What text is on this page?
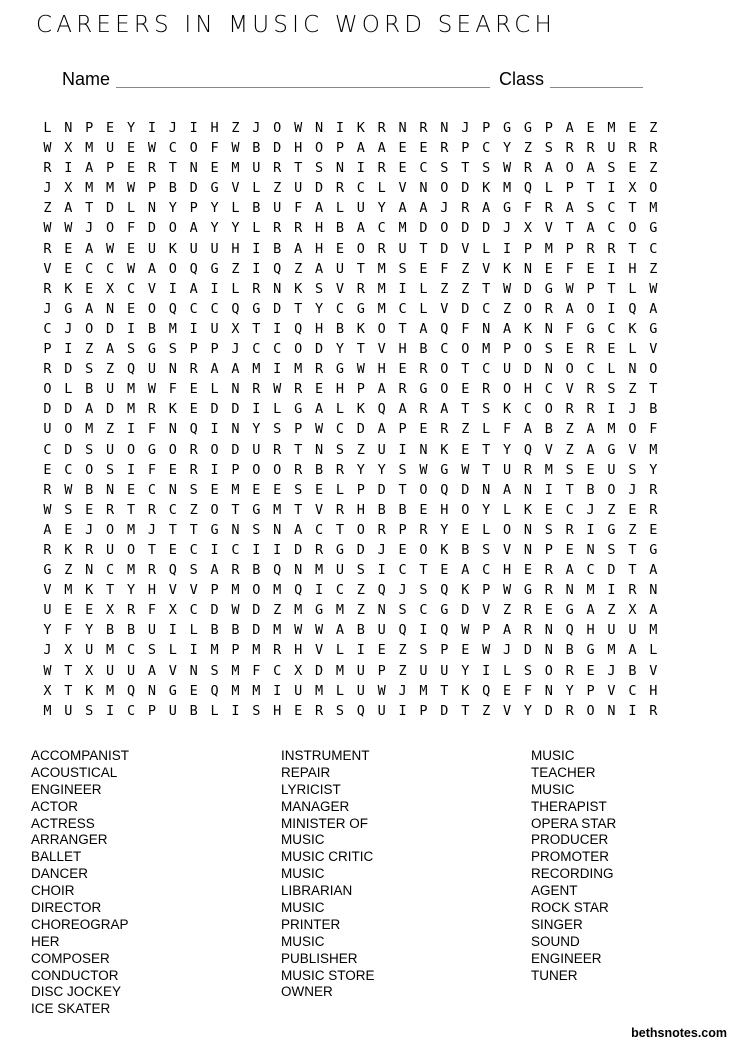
CAREERS IN MUSIC WORD SEARCH
Name	Class
L N P E Y I J I H Z J O W N I K R N R N J P G G P A E M E Z
W X M U E W C O F W B D H O P A A E E R P C Y Z S R R U R R
R I A P E R T N E M U R T S N I R E C S T S W R A O A S E Z
J X M M W P B D G V L Z U D R C L V N O D K M Q L P T I X O
Z A T D L N Y P Y L B U F A L U Y A A J R A G F R A S C T M
W W J O F D O A Y Y L R R H B A C M D O D D J X V T A C O G
R E A W E U K U U H I B A H E O R U T D V L I P M P R R T C
V E C C W A O Q G Z I Q Z A U T M S E F Z V K N E F E I H Z
R K E X C V I A I L R N K S V R M I L Z Z T W D G W P T L W
J G A N E O Q C C Q G D T Y C G M C L V D C Z O R A O I Q A
C J O D I B M I U X T I Q H B K O T A Q F N A K N F G C K G
P I Z A S G S P P J C C O D Y T V H B C O M P O S E R E L V
R D S Z Q U N R A A M I M R G W H E R O T C U D N O C L N O
O L B U M W F E L N R W R E H P A R G O E R O H C V R S Z T
D D A D M R K E D D I L G A L K Q A R A T S K C O R R I J B
U O M Z I F N Q I N Y S P W C D A P E R Z L F A B Z A M O F
C D S U O G O R O D U R T N S Z U I N K E T Y Q V Z A G V M
E C O S I F E R I P O O R B R Y Y S W G W T U R M S E U S Y
R W B N E C N S E M E E S E L P D T O Q D N A N I T B O J R
W S E R T R C Z O T G M T V R H B B E H O Y L K E C J Z E R
A E J O M J T T G N S N A C T O R P R Y E L O N S R I G Z E
R K R U O T E C I C I I D R G D J E O K B S V N P E N S T G
G Z N C M R Q S A R B Q N M U S I C T E A C H E R A C D T A
V M K T Y H V V P M O M Q I C Z Q J S Q K P W G R N M I R N
U E E X R F X C D W D Z M G M Z N S C G D V Z R E G A Z X A
Y F Y B B U I L B B D M W W A B U Q I Q W P A R N Q H U U M
J X U M C S L I M P M R H V L I E Z S P E W J D N B G M A L
W T X U U A V N S M F C X D M U P Z U U Y I L S O R E J B V
X T K M Q N G E Q M M I U M L U W J M T K Q E F N Y P V C H
M U S I C P U B L I S H E R S Q U I P D T Z V Y D R O N I R
ACCOMPANIST
ACOUSTICAL
ENGINEER
ACTOR
ACTRESS
ARRANGER
BALLET
DANCER
CHOIR
DIRECTOR
CHOREOGRAP
HER
COMPOSER
CONDUCTOR
DISC JOCKEY
ICE SKATER
INSTRUMENT
REPAIR
LYRICIST
MANAGER
MINISTER OF
MUSIC
MUSIC CRITIC
MUSIC
LIBRARIAN
MUSIC
PRINTER
MUSIC
PUBLISHER
MUSIC STORE
OWNER
MUSIC
TEACHER
MUSIC
THERAPIST
OPERA STAR
PRODUCER
PROMOTER
RECORDING
AGENT
ROCK STAR
SINGER
SOUND
ENGINEER
TUNER
bethsnotes.com
